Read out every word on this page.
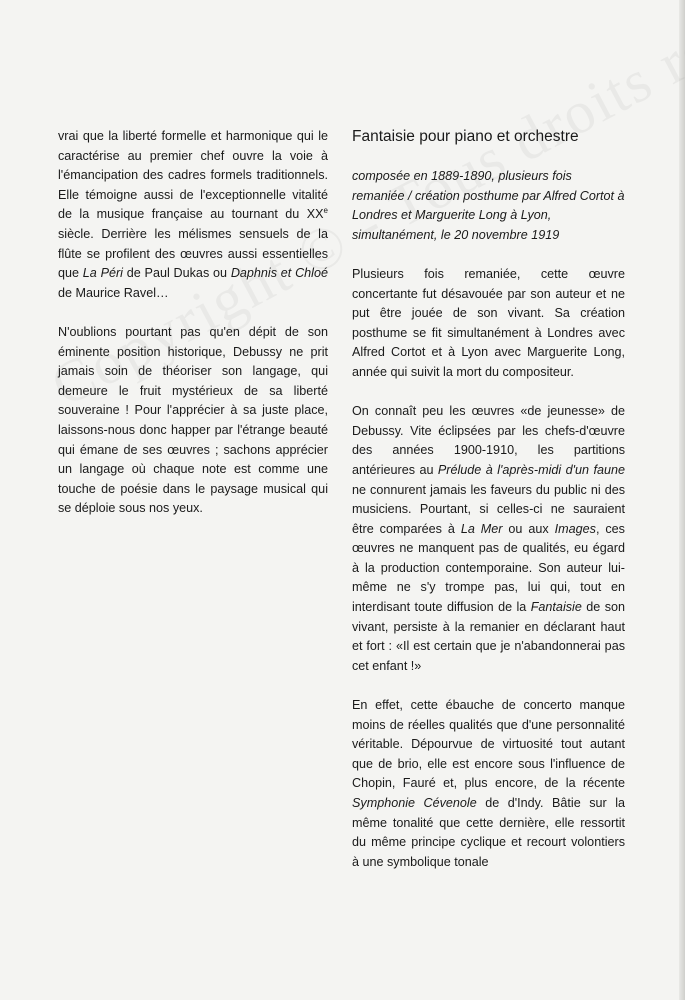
vrai que la liberté formelle et harmonique qui le caractérise au premier chef ouvre la voie à l'émancipation des cadres formels traditionnels. Elle témoigne aussi de l'exceptionnelle vitalité de la musique française au tournant du XXe siècle. Derrière les mélismes sensuels de la flûte se profilent des œuvres aussi essentielles que La Péri de Paul Dukas ou Daphnis et Chloé de Maurice Ravel…

N'oublions pourtant pas qu'en dépit de son éminente position historique, Debussy ne prit jamais soin de théoriser son langage, qui demeure le fruit mystérieux de sa liberté souveraine ! Pour l'apprécier à sa juste place, laissons-nous donc happer par l'étrange beauté qui émane de ses œuvres ; sachons apprécier un langage où chaque note est comme une touche de poésie dans le paysage musical qui se déploie sous nos yeux.

Fantaisie pour piano et orchestre

composée en 1889-1890, plusieurs fois remaniée / création posthume par Alfred Cortot à Londres et Marguerite Long à Lyon, simultanément, le 20 novembre 1919

Plusieurs fois remaniée, cette œuvre concertante fut désavouée par son auteur et ne put être jouée de son vivant. Sa création posthume se fit simultanément à Londres avec Alfred Cortot et à Lyon avec Marguerite Long, année qui suivit la mort du compositeur.

On connaît peu les œuvres «de jeunesse» de Debussy. Vite éclipsées par les chefs-d'œuvre des années 1900-1910, les partitions antérieures au Prélude à l'après-midi d'un faune ne connurent jamais les faveurs du public ni des musiciens. Pourtant, si celles-ci ne sauraient être comparées à La Mer ou aux Images, ces œuvres ne manquent pas de qualités, eu égard à la production contemporaine. Son auteur lui-même ne s'y trompe pas, lui qui, tout en interdisant toute diffusion de la Fantaisie de son vivant, persiste à la remanier en déclarant haut et fort : «Il est certain que je n'abandonnerai pas cet enfant !»

En effet, cette ébauche de concerto manque moins de réelles qualités que d'une personnalité véritable. Dépourvue de virtuosité tout autant que de brio, elle est encore sous l'influence de Chopin, Fauré et, plus encore, de la récente Symphonie Cévenole de d'Indy. Bâtie sur la même tonalité que cette dernière, elle ressortit du même principe cyclique et recourt volontiers à une symbolique tonale
